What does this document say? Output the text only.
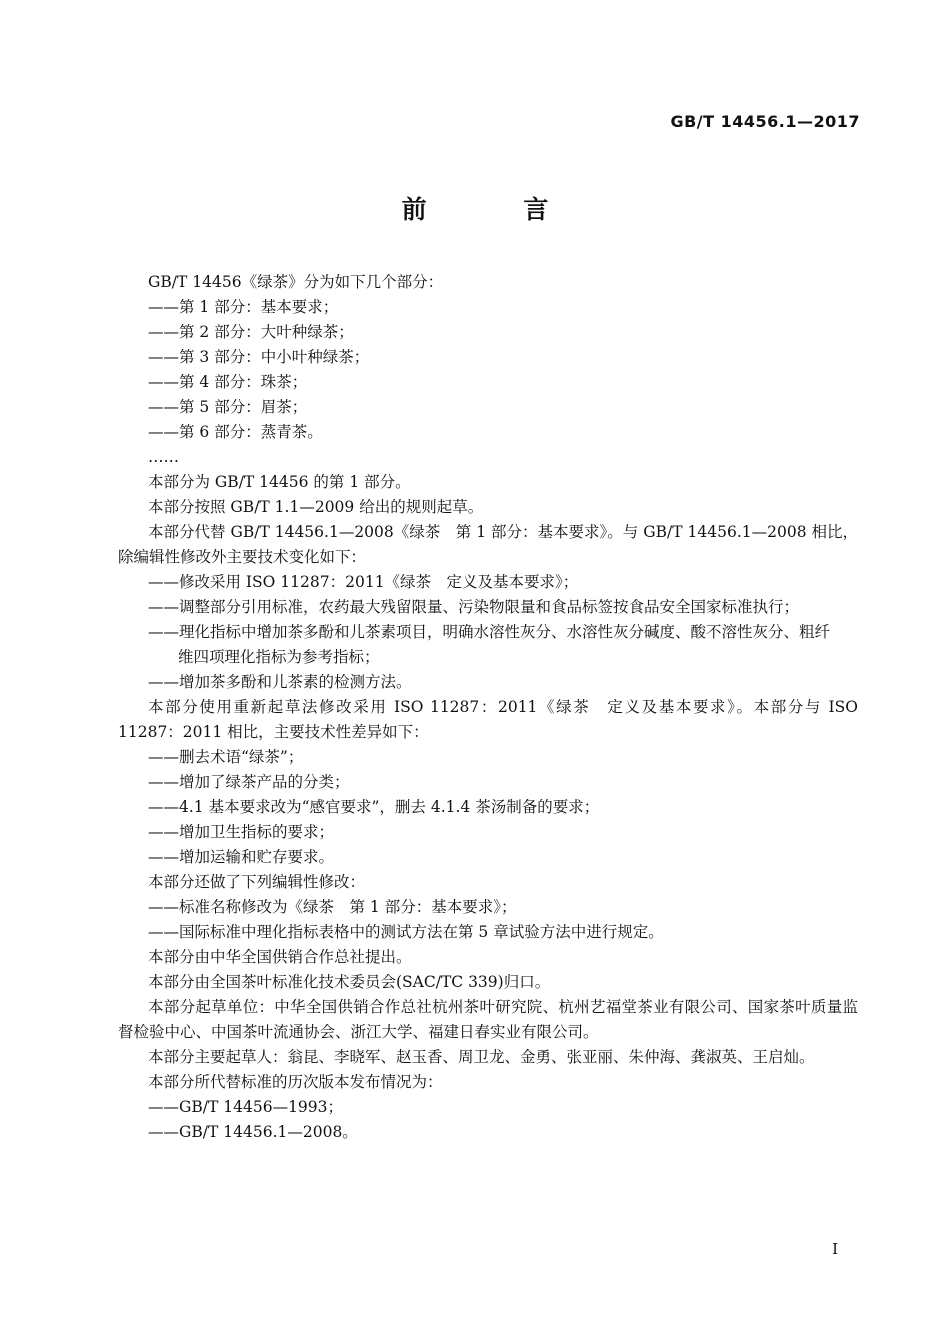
GB/T 14456.1—2017
前 言
GB/T 14456《绿茶》分为如下几个部分：
——第 1 部分：基本要求；
——第 2 部分：大叶种绿茶；
——第 3 部分：中小叶种绿茶；
——第 4 部分：珠茶；
——第 5 部分：眉茶；
——第 6 部分：蒸青茶。
……
本部分为 GB/T 14456 的第 1 部分。
本部分按照 GB/T 1.1—2009 给出的规则起草。
本部分代替 GB/T 14456.1—2008《绿茶　第 1 部分：基本要求》。与 GB/T 14456.1—2008 相比，除编辑性修改外主要技术变化如下：
——修改采用 ISO 11287：2011《绿茶　定义及基本要求》；
——调整部分引用标准，农药最大残留限量、污染物限量和食品标签按食品安全国家标准执行；
——理化指标中增加茶多酚和儿茶素项目，明确水溶性灰分、水溶性灰分碱度、酸不溶性灰分、粗纤
维四项理化指标为参考指标；
——增加茶多酚和儿茶素的检测方法。
本部分使用重新起草法修改采用 ISO 11287：2011《绿茶　定义及基本要求》。本部分与 ISO 11287：2011 相比，主要技术性差异如下：
——删去术语“绿茶”；
——增加了绿茶产品的分类；
——4.1 基本要求改为“感官要求”，删去 4.1.4 茶汤制备的要求；
——增加卫生指标的要求；
——增加运输和贮存要求。
本部分还做了下列编辑性修改：
——标准名称修改为《绿茶　第 1 部分：基本要求》；
——国际标准中理化指标表格中的测试方法在第 5 章试验方法中进行规定。
本部分由中华全国供销合作总社提出。
本部分由全国茶叶标准化技术委员会(SAC/TC 339)归口。
本部分起草单位：中华全国供销合作总社杭州茶叶研究院、杭州艺福堂茶业有限公司、国家茶叶质量监督检验中心、中国茶叶流通协会、浙江大学、福建日春实业有限公司。
本部分主要起草人：翁昆、李晓军、赵玉香、周卫龙、金勇、张亚丽、朱仲海、龚淑英、王启灿。
本部分所代替标准的历次版本发布情况为：
——GB/T 14456—1993；
——GB/T 14456.1—2008。
I
